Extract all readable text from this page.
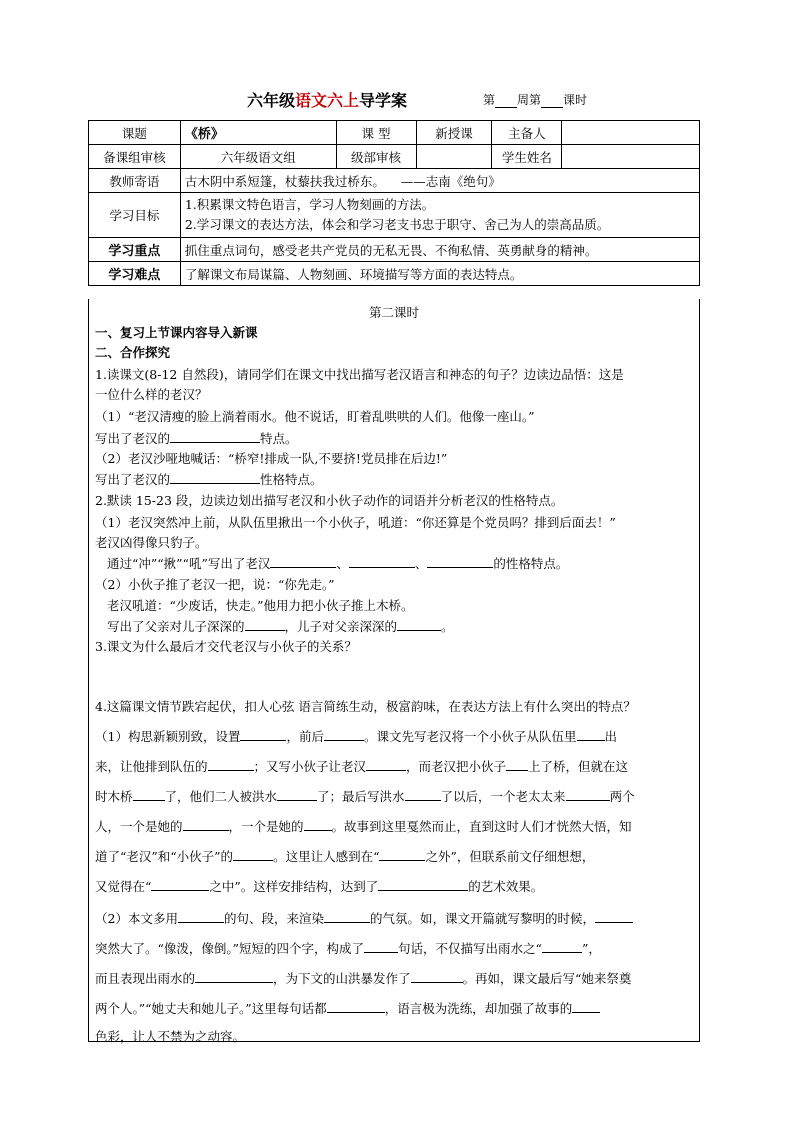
六年级语文六上导学案	第 周第 课时
课题	《桥》	课 型	新授课	主备人	
备课组审核	六年级语文组	级部审核		学生姓名	
教师寄语	古木阴中系短篷，杖藜扶我过桥东。    ——志南《绝句》				
学习目标	1.积累课文特色语言，学习人物刻画的方法。
2.学习课文的表达方法，体会和学习老支书忠于职守、舍己为人的崇高品质。				

学习重点	抓住重点词句，感受老共产党员的无私无畏、不徇私情、英勇献身的精神。				
学习难点	了解课文布局谋篇、人物刻画、环境描写等方面的表达特点。				
第二课时
一、复习上节课内容导入新课
二、合作探究
1.读课文(8-12 自然段)，请同学们在课文中找出描写老汉语言和神态的句子？边读边品悟：这是
一位什么样的老汉？
（1）“老汉清瘦的脸上淌着雨水。他不说话，盯着乱哄哄的人们。他像一座山。”
写出了老汉的	特点。
（2）老汉沙哑地喊话：“桥窄!排成一队,不要挤!党员排在后边!”
写出了老汉的	性格特点。
2.默读 15-23 段，边读边划出描写老汉和小伙子动作的词语并分析老汉的性格特点。
（1）老汉突然冲上前，从队伍里揪出一个小伙子，吼道：“你还算是个党员吗？排到后面去！”
老汉凶得像只豹子。
通过“冲”“揪”“吼”写出了老汉	、	、	的性格特点。
（2）小伙子推了老汉一把，说：“你先走。”
老汉吼道：“少废话，快走。”他用力把小伙子推上木桥。
写出了父亲对儿子深深的	，儿子对父亲深深的	。
3.课文为什么最后才交代老汉与小伙子的关系？
4.这篇课文情节跌宕起伏，扣人心弦 语言简练生动，极富韵味，在表达方法上有什么突出的特点？
（1）构思新颖别致，设置	，前后	。课文先写老汉将一个小伙子从队伍里 出
来，让他排到队伍的	；又写小伙子让老汉	，而老汉把小伙子 上了桥，但就在这
时木桥	了，他们二人被洪水	了；最后写洪水	了以后，一个老太太来	两个
人，一个是她的	，一个是她的 。故事到这里戛然而止，直到这时人们才恍然大悟，知
道了“老汉”和“小伙子”的	。这里让人感到在“	之外”，但联系前文仔细想想，
又觉得在“	之中”。这样安排结构，达到了	的艺术效果。
（2）本文多用	的句、段，来渲染	的气氛。如，课文开篇就写黎明的时候，
突然大了。“像泼，像倒。”短短的四个字，构成了	句话，不仅描写出雨水之“	”，
而且表现出雨水的	，为下文的山洪暴发作了	。再如，课文最后写“她来祭奠
两个人。”“她丈夫和她儿子。”这里每句话都	，语言极为洗练，却加强了故事的
色彩，让人不禁为之动容。
